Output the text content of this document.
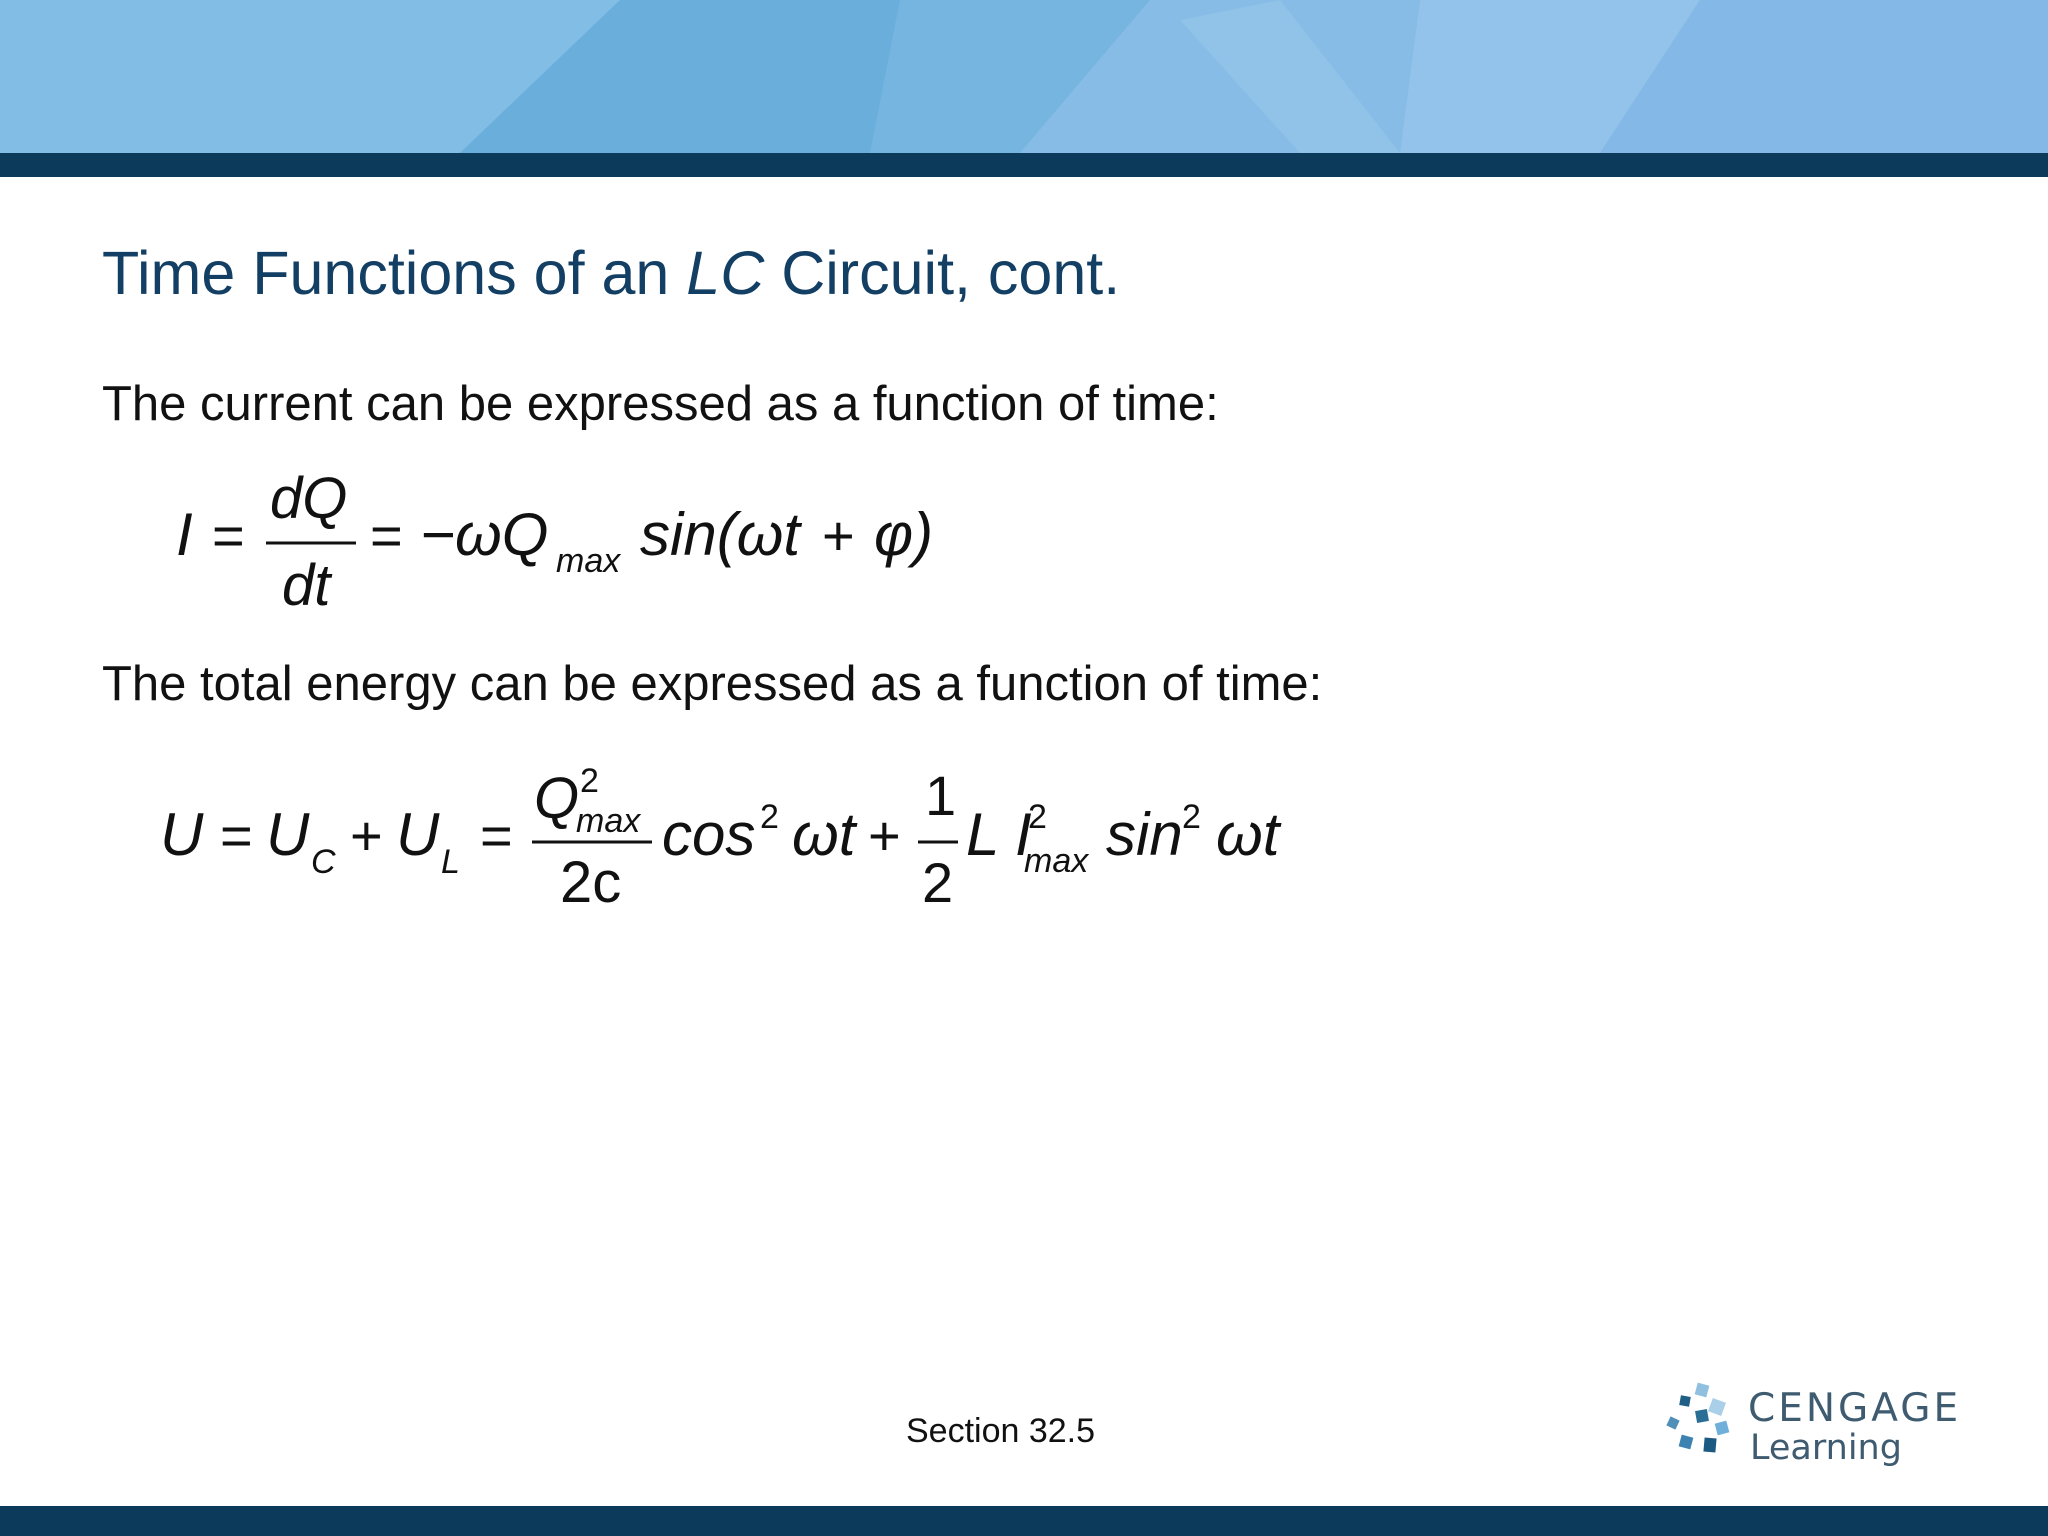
Time Functions of an LC Circuit, cont.

The current can be expressed as a function of time:

The total energy can be expressed as a function of time:

I =
dQ
dt
= −ωQ max sin(ωt + φ)
U = U C + U L =
Q 2
max
2c
cos 2 ωt +
1
2
L I
2
max sin 2 ωt
Section 32.5	CENGAGE
Learning
